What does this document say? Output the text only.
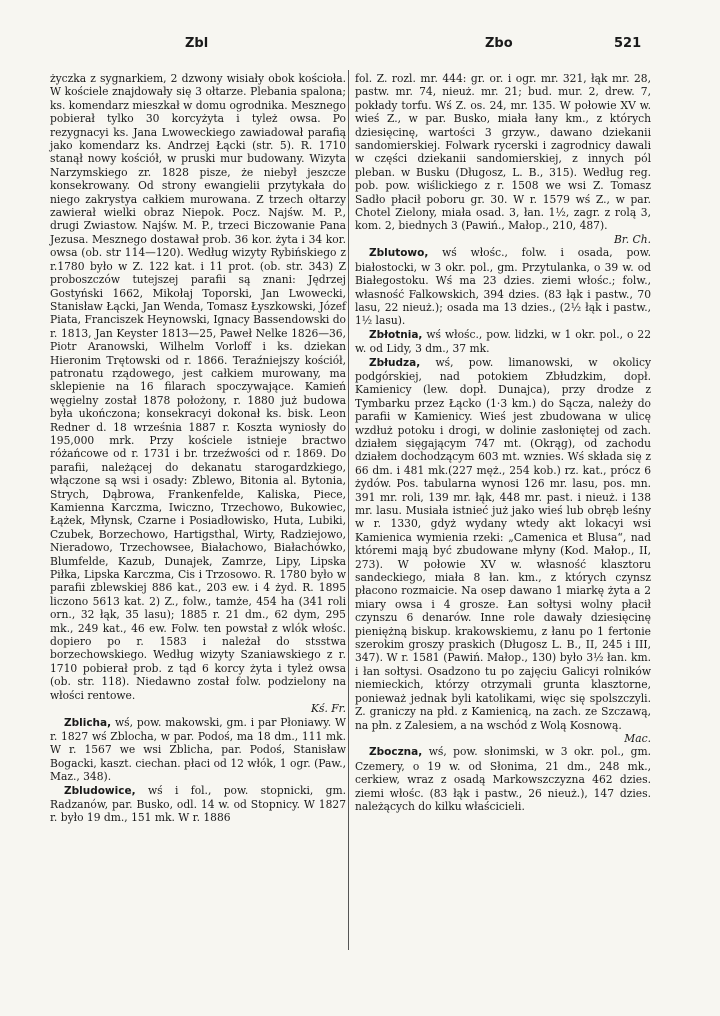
Zbl	Zbo	521

życzka z sygnarkiem, 2 dzwony wisiały obok kościoła. W kościele znajdowały się 3 ołtarze. Plebania spalona; ks. komendarz mieszkał w domu ogrodnika. Mesznego pobierał tylko 30 korcyżyta i tyleż owsa. Po rezygnacyi ks. Jana Lwoweckiego zawiadował parafią jako komendarz ks. Andrzej Łącki (str. 5). R. 1710 stanął nowy kościół, w pruski mur budowany. Wizyta Narzymskiego zr. 1828 pisze, że niebył jeszcze konsekrowany. Od strony ewangielii przytykała do niego zakrystya całkiem murowana. Z trzech ołtarzy zawierał wielki obraz Niepok. Pocz. Najśw. M. P., drugi Zwiastow. Najśw. M. P., trzeci Biczowanie Pana Jezusa. Mesznego dostawał prob. 36 kor. żyta i 34 kor. owsa (ob. str 114—120). Według wizyty Rybińskiego z r.1780 było w Z. 122 kat. i 11 prot. (ob. str. 343) Z proboszczów tutejszej parafii są znani: Jędrzej Gostyński 1662, Mikołaj Toporski, Jan Lwowecki, Stanisław Łącki, Jan Wenda, Tomasz Łyszkowski, Józef Piata, Franciszek Heynowski, Ignacy Bassendowski do r. 1813, Jan Keyster 1813—25, Paweł Nelke 1826—36, Piotr Aranowski, Wilhelm Vorloff i ks. dziekan Hieronim Trętowski od r. 1866. Teraźniejszy kościół, patronatu rządowego, jest całkiem murowany, ma sklepienie na 16 filarach spoczywające. Kamień węgielny został 1878 położony, r. 1880 już budowa była ukończona; konsekracyi dokonał ks. bisk. Leon Redner d. 18 września 1887 r. Koszta wyniosły do 195,000 mrk. Przy kościele istnieje bractwo różańcowe od r. 1731 i br. trzeźwości od r. 1869. Do parafii, należącej do dekanatu starogardzkiego, włączone są wsi i osady: Zblewo, Bitonia al. Bytonia, Strych, Dąbrowa, Frankenfelde, Kaliska, Piece, Kamienna Karczma, Iwiczno, Trzechowo, Bukowiec, Łążek, Młynsk, Czarne i Posiadłowisko, Huta, Lubiki, Czubek, Borzechowo, Hartigsthal, Wirty, Radziejowo, Nieradowo, Trzechowsee, Białachowo, Białachówko, Blumfelde, Kazub, Dunajek, Zamrze, Lipy, Lipska Piłka, Lipska Karczma, Cis i Trzosowo. R. 1780 było w parafii zblewskiej 886 kat., 203 ew. i 4 żyd. R. 1895 liczono 5613 kat. 2) Z., folw., tamże, 454 ha (341 roli orn., 32 łąk, 35 lasu); 1885 r. 21 dm., 62 dym, 295 mk., 249 kat., 46 ew. Folw. ten powstał z wlók włośc. dopiero po r. 1583 i należał do stsstwa borzechowskiego. Według wizyty Szaniawskiego z r. 1710 pobierał prob. z tąd 6 korcy żyta i tyleż owsa (ob. str. 118). Niedawno został folw. podzielony na włości rentowe.
Kś. Fr.

Zblicha, wś, pow. makowski, gm. i par Płoniawy. W r. 1827 wś Zblocha, w par. Podoś, ma 18 dm., 111 mk. W r. 1567 we wsi Zblicha, par. Podoś, Stanisław Bogacki, kaszt. ciechan. płaci od 12 włók, 1 ogr. (Paw., Maz., 348).

Zbludowice, wś i fol., pow. stopnicki, gm. Radzanów, par. Busko, odl. 14 w. od Stopnicy. W 1827 r. było 19 dm., 151 mk. W r. 1886

fol. Z. rozl. mr. 444: gr. or. i ogr. mr. 321, łąk mr. 28, pastw. mr. 74, nieuż. mr. 21; bud. mur. 2, drew. 7, pokłady torfu. Wś Z. os. 24, mr. 135. W połowie XV w. wieś Z., w par. Busko, miała łany km., z których dziesięcinę, wartości 3 grzyw., dawano dziekanii sandomierskiej. Folwark rycerski i zagrodnicy dawali w części dziekanii sandomierskiej, z innych pól pleban. w Busku (Długosz, L. B., 315). Według reg. pob. pow. wiślickiego z r. 1508 we wsi Z. Tomasz Sadło płacił poboru gr. 30. W r. 1579 wś Z., w par. Chotel Zielony, miała osad. 3, łan. 1½, zagr. z rolą 3, kom. 2, biednych 3 (Pawiń., Małop., 210, 487).
Br. Ch.

Zblutowo, wś włośc., folw. i osada, pow. białostocki, w 3 okr. pol., gm. Przytulanka, o 39 w. od Białegostoku. Wś ma 23 dzies. ziemi włośc.; folw., własność Falkowskich, 394 dzies. (83 łąk i pastw., 70 lasu, 22 nieuż.); osada ma 13 dzies., (2½ łąk i pastw., 1½ lasu).

Zbłotnia, wś włośc., pow. lidzki, w 1 okr. pol., o 22 w. od Lidy, 3 dm., 37 mk.

Zbłudza, wś, pow. limanowski, w okolicy podgórskiej, nad potokiem Zbłudzkim, dopł. Kamienicy (lew. dopł. Dunajca), przy drodze z Tymbarku przez Łącko (1·3 km.) do Sącza, należy do parafii w Kamienicy. Wieś jest zbudowana w ulicę wzdłuż potoku i drogi, w dolinie zasłoniętej od zach. działem sięgającym 747 mt. (Okrąg), od zachodu działem dochodzącym 603 mt. wznies. Wś składa się z 66 dm. i 481 mk.(227 męż., 254 kob.) rz. kat., prócz 6 żydów. Pos. tabularna wynosi 126 mr. lasu, pos. mn. 391 mr. roli, 139 mr. łąk, 448 mr. past. i nieuż. i 138 mr. lasu. Musiała istnieć już jako wieś lub obręb leśny w r. 1330, gdyż wydany wtedy akt lokacyi wsi Kamienica wymienia rzeki: „Camenica et Blusa“, nad któremi mają być zbudowane młyny (Kod. Małop., II, 273). W połowie XV w. własność klasztoru sandeckiego, miała 8 łan. km., z których czynsz płacono rozmaicie. Na osep dawano 1 miarkę żyta a 2 miary owsa i 4 grosze. Łan sołtysi wolny płacił czynszu 6 denarów. Inne role dawały dziesięcinę pieniężną biskup. krakowskiemu, z łanu po 1 fertonie szerokim groszy praskich (Długosz L. B., II, 245 i III, 347). W r. 1581 (Pawiń. Małop., 130) było 3½ łan. km. i łan sołtysi. Osadzono tu po zajęciu Galicyi rolników niemieckich, którzy otrzymali grunta klasztorne, ponieważ jednak byli katolikami, więc się spolszczyli. Z. graniczy na płd. z Kamienicą, na zach. ze Szczawą, na płn. z Zalesiem, a na wschód z Wolą Kosnową.
Mac.

Zboczna, wś, pow. słonimski, w 3 okr. pol., gm. Czemery, o 19 w. od Słonima, 21 dm., 248 mk., cerkiew, wraz z osadą Markowszczyzna 462 dzies. ziemi włośc. (83 łąk i pastw., 26 nieuż.), 147 dzies. należących do kilku właścicieli.
